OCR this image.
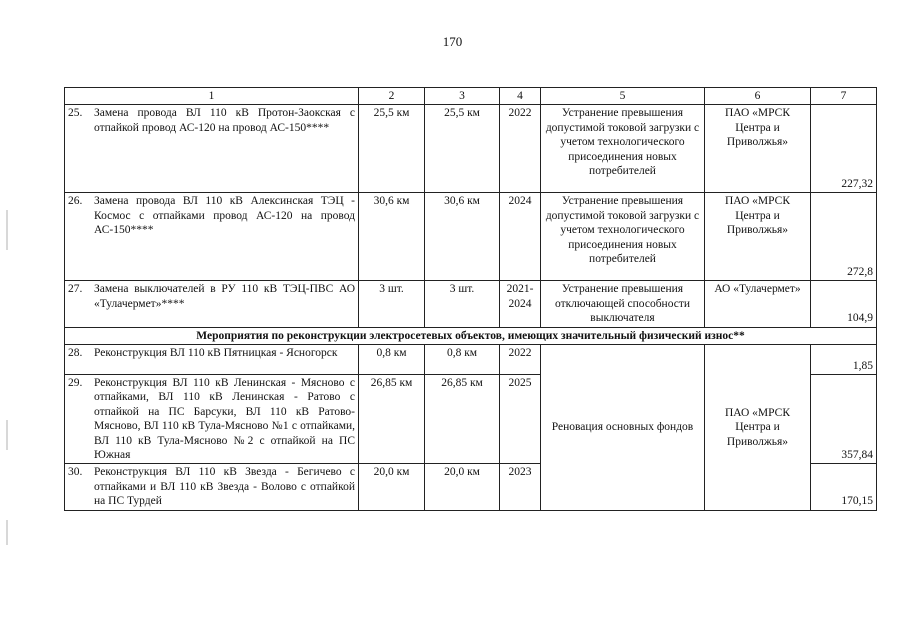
170
1	2	3	4	5	6	7

25. Замена провода ВЛ 110 кВ Протон-Заокская с отпайкой провод АС-120 на провод АС-150****	25,5 км	25,5 км	2022	Устранение превышения допустимой токовой загрузки с учетом технологического присоединения новых потребителей	ПАО «МРСК Центра и Приволжья»	227,32

26. Замена провода ВЛ 110 кВ Алексинская ТЭЦ - Космос с отпайками провод АС-120 на провод АС-150****	30,6 км	30,6 км	2024	Устранение превышения допустимой токовой загрузки с учетом технологического присоединения новых потребителей	ПАО «МРСК Центра и Приволжья»	272,8

27. Замена выключателей в РУ 110 кВ ТЭЦ-ПВС АО «Тулачермет»****	3 шт.	3 шт.	2021-2024	Устранение превышения отключающей способности выключателя	АО «Тулачермет»	104,9
Мероприятия по реконструкции электросетевых объектов, имеющих значительный физический износ**						

28. Реконструкция ВЛ 110 кВ Пятницкая - Ясногорск	0,8 км	0,8 км	2022	Реновация основных фондов	ПАО «МРСК Центра и Приволжья»	1,85

29. Реконструкция ВЛ 110 кВ Ленинская - Мясново с отпайками, ВЛ 110 кВ Ленинская - Ратово с отпайкой на ПС Барсуки, ВЛ 110 кВ Ратово- Мясново, ВЛ 110 кВ Тула-Мясново №1 с отпайками, ВЛ 110 кВ Тула-Мясново №2 с отпайкой на ПС Южная	26,85 км	26,85 км	2025			357,84

30. Реконструкция ВЛ 110 кВ Звезда - Бегичево с отпайками и ВЛ 110 кВ Звезда - Волово с отпайкой на ПС Турдей	20,0 км	20,0 км	2023			170,15
